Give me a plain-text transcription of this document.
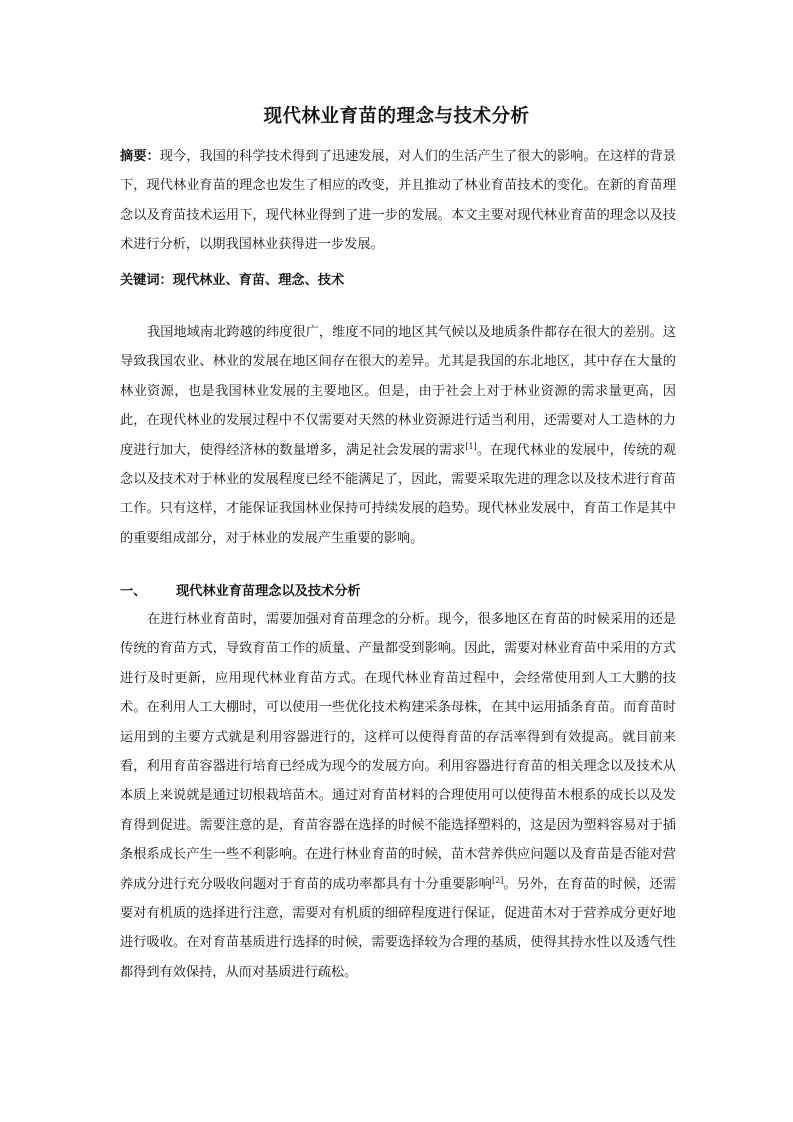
现代林业育苗的理念与技术分析
摘要：现今，我国的科学技术得到了迅速发展，对人们的生活产生了很大的影响。在这样的背景下，现代林业育苗的理念也发生了相应的改变，并且推动了林业育苗技术的变化。在新的育苗理念以及育苗技术运用下，现代林业得到了进一步的发展。本文主要对现代林业育苗的理念以及技术进行分析，以期我国林业获得进一步发展。
关键词：现代林业、育苗、理念、技术
我国地域南北跨越的纬度很广，维度不同的地区其气候以及地质条件都存在很大的差别。这导致我国农业、林业的发展在地区间存在很大的差异。尤其是我国的东北地区，其中存在大量的林业资源，也是我国林业发展的主要地区。但是，由于社会上对于林业资源的需求量更高，因此，在现代林业的发展过程中不仅需要对天然的林业资源进行适当利用，还需要对人工造林的力度进行加大，使得经济林的数量增多，满足社会发展的需求[1]。在现代林业的发展中，传统的观念以及技术对于林业的发展程度已经不能满足了，因此，需要采取先进的理念以及技术进行育苗工作。只有这样，才能保证我国林业保持可持续发展的趋势。现代林业发展中，育苗工作是其中的重要组成部分，对于林业的发展产生重要的影响。
一、 现代林业育苗理念以及技术分析
在进行林业育苗时，需要加强对育苗理念的分析。现今，很多地区在育苗的时候采用的还是传统的育苗方式，导致育苗工作的质量、产量都受到影响。因此，需要对林业育苗中采用的方式进行及时更新，应用现代林业育苗方式。在现代林业育苗过程中，会经常使用到人工大鹏的技术。在利用人工大棚时，可以使用一些优化技术构建采条母株，在其中运用插条育苗。而育苗时运用到的主要方式就是利用容器进行的，这样可以使得育苗的存活率得到有效提高。就目前来看，利用育苗容器进行培育已经成为现今的发展方向。利用容器进行育苗的相关理念以及技术从本质上来说就是通过切根栽培苗木。通过对育苗材料的合理使用可以使得苗木根系的成长以及发育得到促进。需要注意的是，育苗容器在选择的时候不能选择塑料的，这是因为塑料容易对于插条根系成长产生一些不利影响。在进行林业育苗的时候，苗木营养供应问题以及育苗是否能对营养成分进行充分吸收问题对于育苗的成功率都具有十分重要影响[2]。另外，在育苗的时候，还需要对有机质的选择进行注意，需要对有机质的细碎程度进行保证，促进苗木对于营养成分更好地进行吸收。在对育苗基质进行选择的时候，需要选择较为合理的基质，使得其持水性以及透气性都得到有效保持，从而对基质进行疏松。
